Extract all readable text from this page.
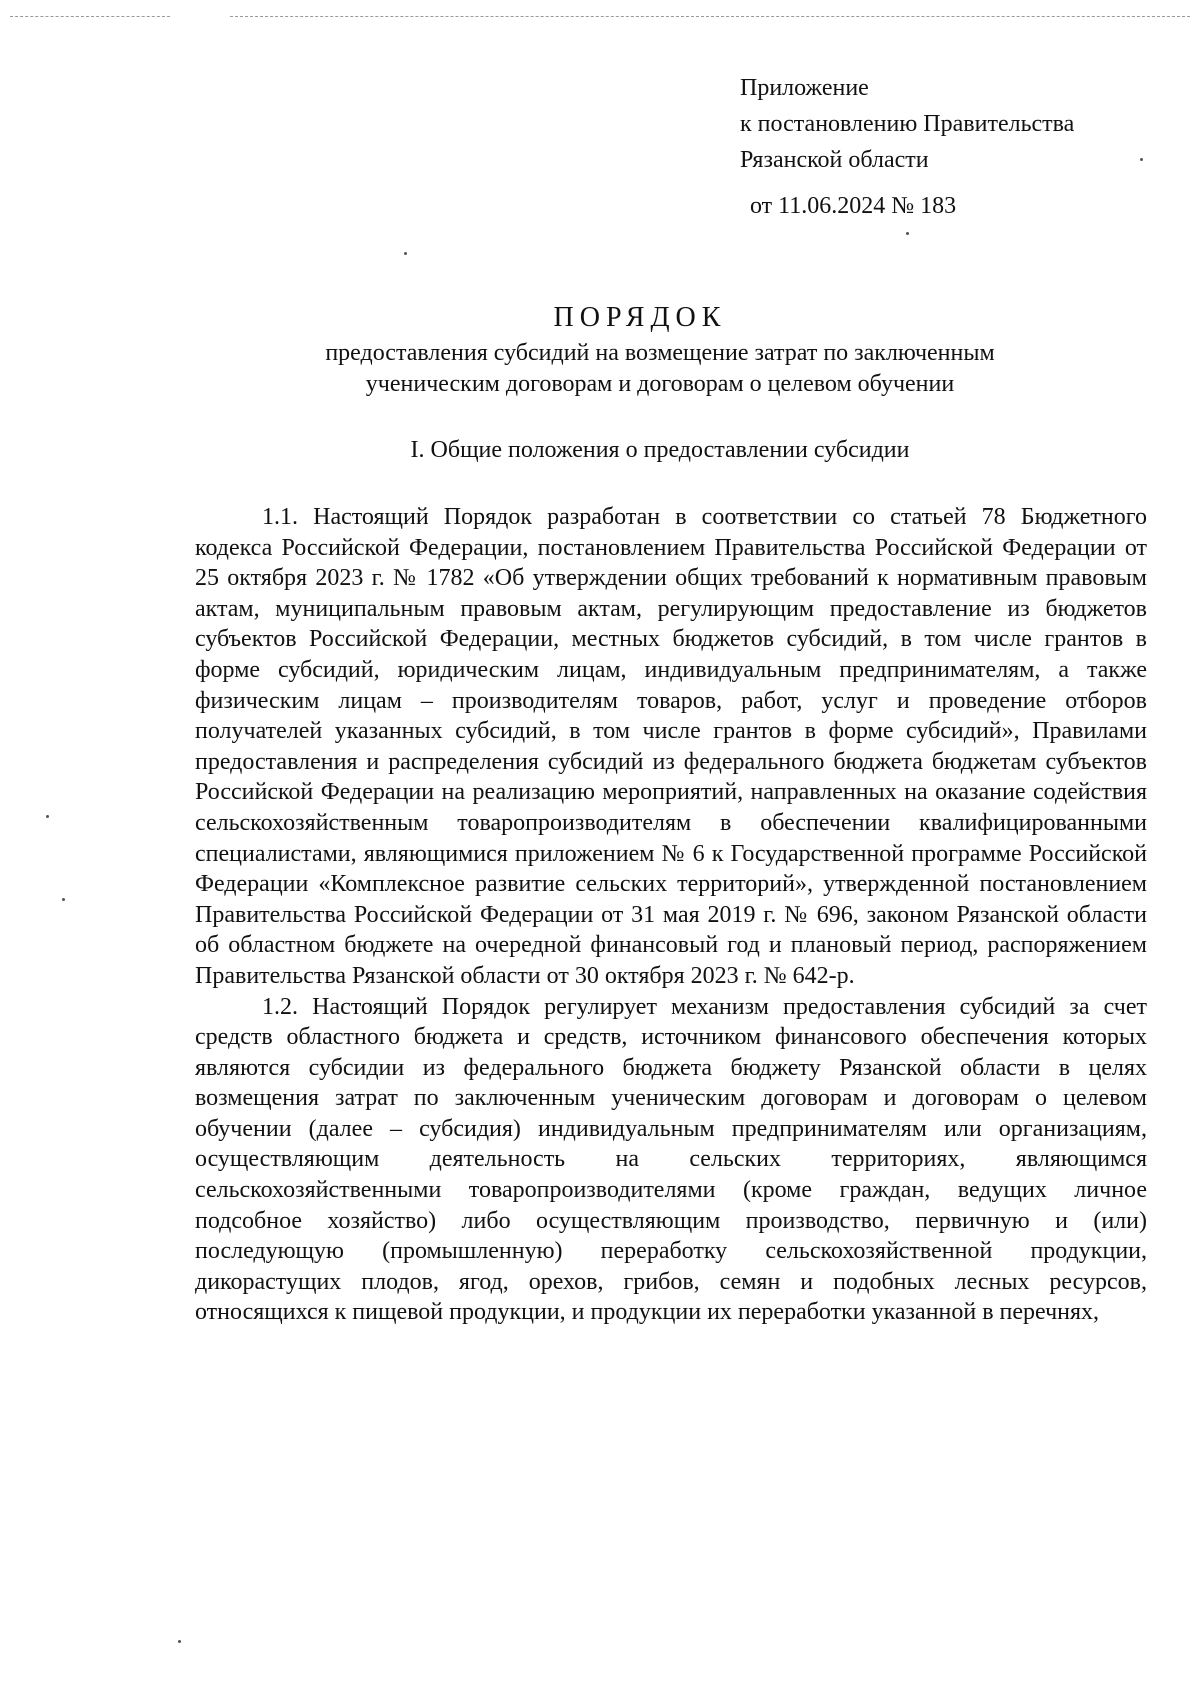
Приложение
к постановлению Правительства
Рязанской области
от 11.06.2024 № 183
ПОРЯДОК
предоставления субсидий на возмещение затрат по заключенным
ученическим договорам и договорам о целевом обучении
I. Общие положения о предоставлении субсидии

1.1. Настоящий Порядок разработан в соответствии со статьей 78 Бюджетного кодекса Российской Федерации, постановлением Правительства Российской Федерации от 25 октября 2023 г. № 1782 «Об утверждении общих требований к нормативным правовым актам, муниципальным правовым актам, регулирующим предоставление из бюджетов субъектов Российской Федерации, местных бюджетов субсидий, в том числе грантов в форме субсидий, юридическим лицам, индивидуальным предпринимателям, а также физическим лицам – производителям товаров, работ, услуг и проведение отборов получателей указанных субсидий, в том числе грантов в форме субсидий», Правилами предоставления и распределения субсидий из федерального бюджета бюджетам субъектов Российской Федерации на реализацию мероприятий, направленных на оказание содействия сельскохозяйственным товаропроизводителям в обеспечении квалифицированными специалистами, являющимися приложением № 6 к Государственной программе Российской Федерации «Комплексное развитие сельских территорий», утвержденной постановлением Правительства Российской Федерации от 31 мая 2019 г. № 696, законом Рязанской области об областном бюджете на очередной финансовый год и плановый период, распоряжением Правительства Рязанской области от 30 октября 2023 г. № 642-р.

1.2. Настоящий Порядок регулирует механизм предоставления субсидий за счет средств областного бюджета и средств, источником финансового обеспечения которых являются субсидии из федерального бюджета бюджету Рязанской области в целях возмещения затрат по заключенным ученическим договорам и договорам о целевом обучении (далее – субсидия) индивидуальным предпринимателям или организациям, осуществляющим деятельность на сельских территориях, являющимся сельскохозяйственными товаропроизводителями (кроме граждан, ведущих личное подсобное хозяйство) либо осуществляющим производство, первичную и (или) последующую (промышленную) переработку сельскохозяйственной продукции, дикорастущих плодов, ягод, орехов, грибов, семян и подобных лесных ресурсов, относящихся к пищевой продукции, и продукции их переработки указанной в перечнях,
